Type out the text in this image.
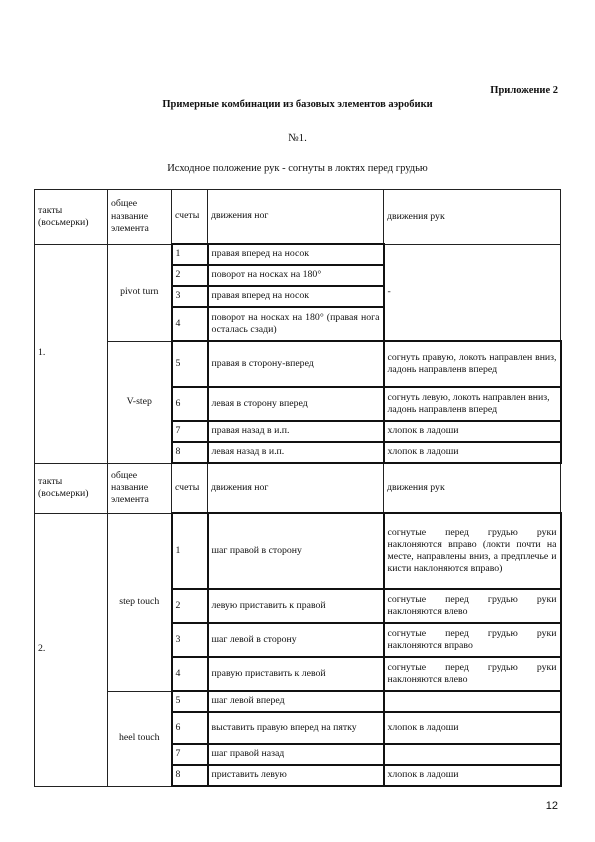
Приложение 2
Примерные комбинации из базовых элементов аэробики
№1.
Исходное положение рук - согнуты в локтях перед грудью
такты (восьмерки)	общее название элемента	счеты	движения ног	движения рук
1.	pivot turn	1	правая вперед на носок	-
		2	поворот на носках на 180°	
		3	правая вперед на носок	
		4	поворот на носках на 180° (правая нога осталась сзади)	
	V-step	5	правая в сторону-вперед	согнуть правую, локоть направлен вниз, ладонь направленв вперед
		6	левая в сторону вперед	согнуть левую, локоть направлен вниз, ладонь направленв вперед
		7	правая назад в и.п.	хлопок в ладоши
		8	левая назад в и.п.	хлопок в ладоши
такты (восьмерки)	общее название элемента	счеты	движения ног	движения рук
2.	step touch	1	шаг правой в сторону	согнутые перед грудью руки наклоняются вправо (локти почти на месте, направлены вниз, а предплечье и кисти наклоняются вправо)
		2	левую приставить к правой	согнутые перед грудью руки наклоняются влево
		3	шаг левой в сторону	согнутые перед грудью руки наклоняются вправо
		4	правую приставить к левой	согнутые перед грудью руки наклоняются влево
	heel touch	5	шаг левой вперед	
		6	выставить правую вперед на пятку	хлопок в ладоши
		7	шаг правой назад	
		8	приставить левую	хлопок в ладоши
12
